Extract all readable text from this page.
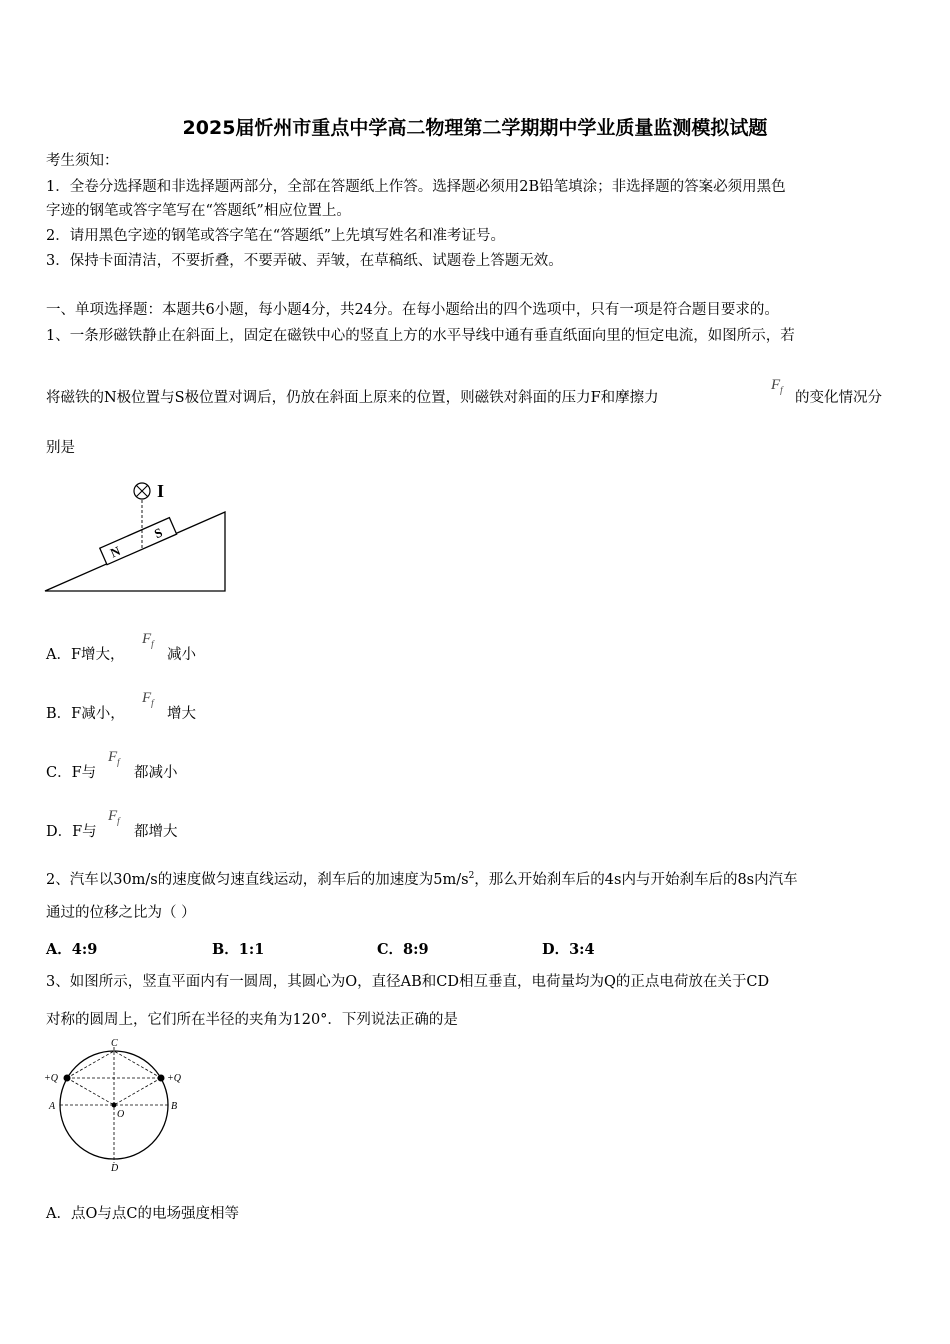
2025届忻州市重点中学高二物理第二学期期中学业质量监测模拟试题
考生须知：
1．全卷分选择题和非选择题两部分，全部在答题纸上作答。选择题必须用2B铅笔填涂；非选择题的答案必须用黑色
字迹的钢笔或答字笔写在“答题纸”相应位置上。
2．请用黑色字迹的钢笔或答字笔在“答题纸”上先填写姓名和准考证号。
3．保持卡面清洁，不要折叠，不要弄破、弄皱，在草稿纸、试题卷上答题无效。
一、单项选择题：本题共6小题，每小题4分，共24分。在每小题给出的四个选项中，只有一项是符合题目要求的。
1、一条形磁铁静止在斜面上，固定在磁铁中心的竖直上方的水平导线中通有垂直纸面向里的恒定电流，如图所示，若
将磁铁的N极位置与S极位置对调后，仍放在斜面上原来的位置，则磁铁对斜面的压力F和摩擦力
$F_f$ 的变化情况分
别是
N
S
I
A．F增大，
$F_f$
减小
B．F减小，
$F_f$
增大
C．F与
$F_f$
都减小
D．F与
$F_f$
都增大
2、汽车以30m/s的速度做匀速直线运动，刹车后的加速度为$5m/s^2$，那么开始刹车后的4s内与开始刹车后的8s内汽车
通过的位移之比为（ ）
A．4:9	B．1:1	C．8:9	D．3:4
3、如图所示，竖直平面内有一圆周，其圆心为O，直径AB和CD相互垂直，电荷量均为Q的正点电荷放在关于CD
对称的圆周上，它们所在半径的夹角为120°．下列说法正确的是
C
D
A	B
O
+Q	+Q
A．点O与点C的电场强度相等
